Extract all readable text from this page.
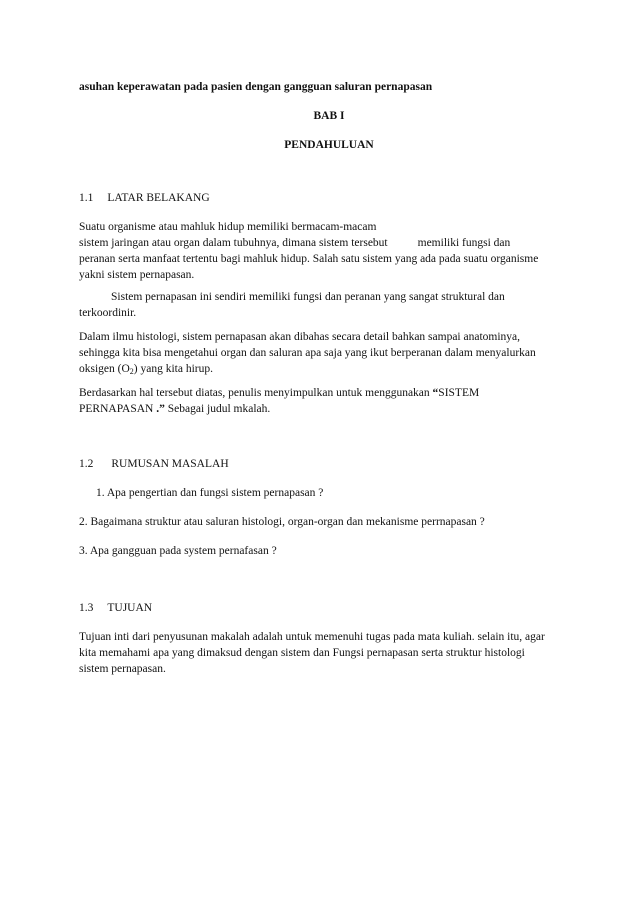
asuhan keperawatan pada pasien dengan gangguan saluran pernapasan
BAB I
PENDAHULUAN
1.1 LATAR BELAKANG
Suatu organisme atau mahluk hidup memiliki bermacam-macam
sistem jaringan atau organ dalam tubuhnya, dimana sistem tersebut	memiliki fungsi dan
peranan serta manfaat tertentu bagi mahluk hidup. Salah satu sistem yang ada pada suatu organisme
yakni sistem pernapasan.
Sistem pernapasan ini sendiri memiliki fungsi dan peranan yang sangat struktural dan
terkoordinir.
Dalam ilmu histologi, sistem pernapasan akan dibahas secara detail bahkan sampai anatominya,
sehingga kita bisa mengetahui organ dan saluran apa saja yang ikut berperanan dalam menyalurkan
oksigen $(O_2)$ yang kita hirup.
Berdasarkan hal tersebut diatas, penulis menyimpulkan untuk menggunakan “SISTEM
PERNAPASAN .” Sebagai judul mkalah.
1.2 RUMUSAN MASALAH
1. Apa pengertian dan fungsi sistem pernapasan ?
2. Bagaimana struktur atau saluran histologi, organ-organ dan mekanisme perrnapasan ?
3. Apa gangguan pada system pernafasan ?
1.3 TUJUAN
Tujuan inti dari penyusunan makalah adalah untuk memenuhi tugas pada mata kuliah. selain itu, agar
kita memahami apa yang dimaksud dengan sistem dan Fungsi pernapasan serta struktur histologi
sistem pernapasan.
